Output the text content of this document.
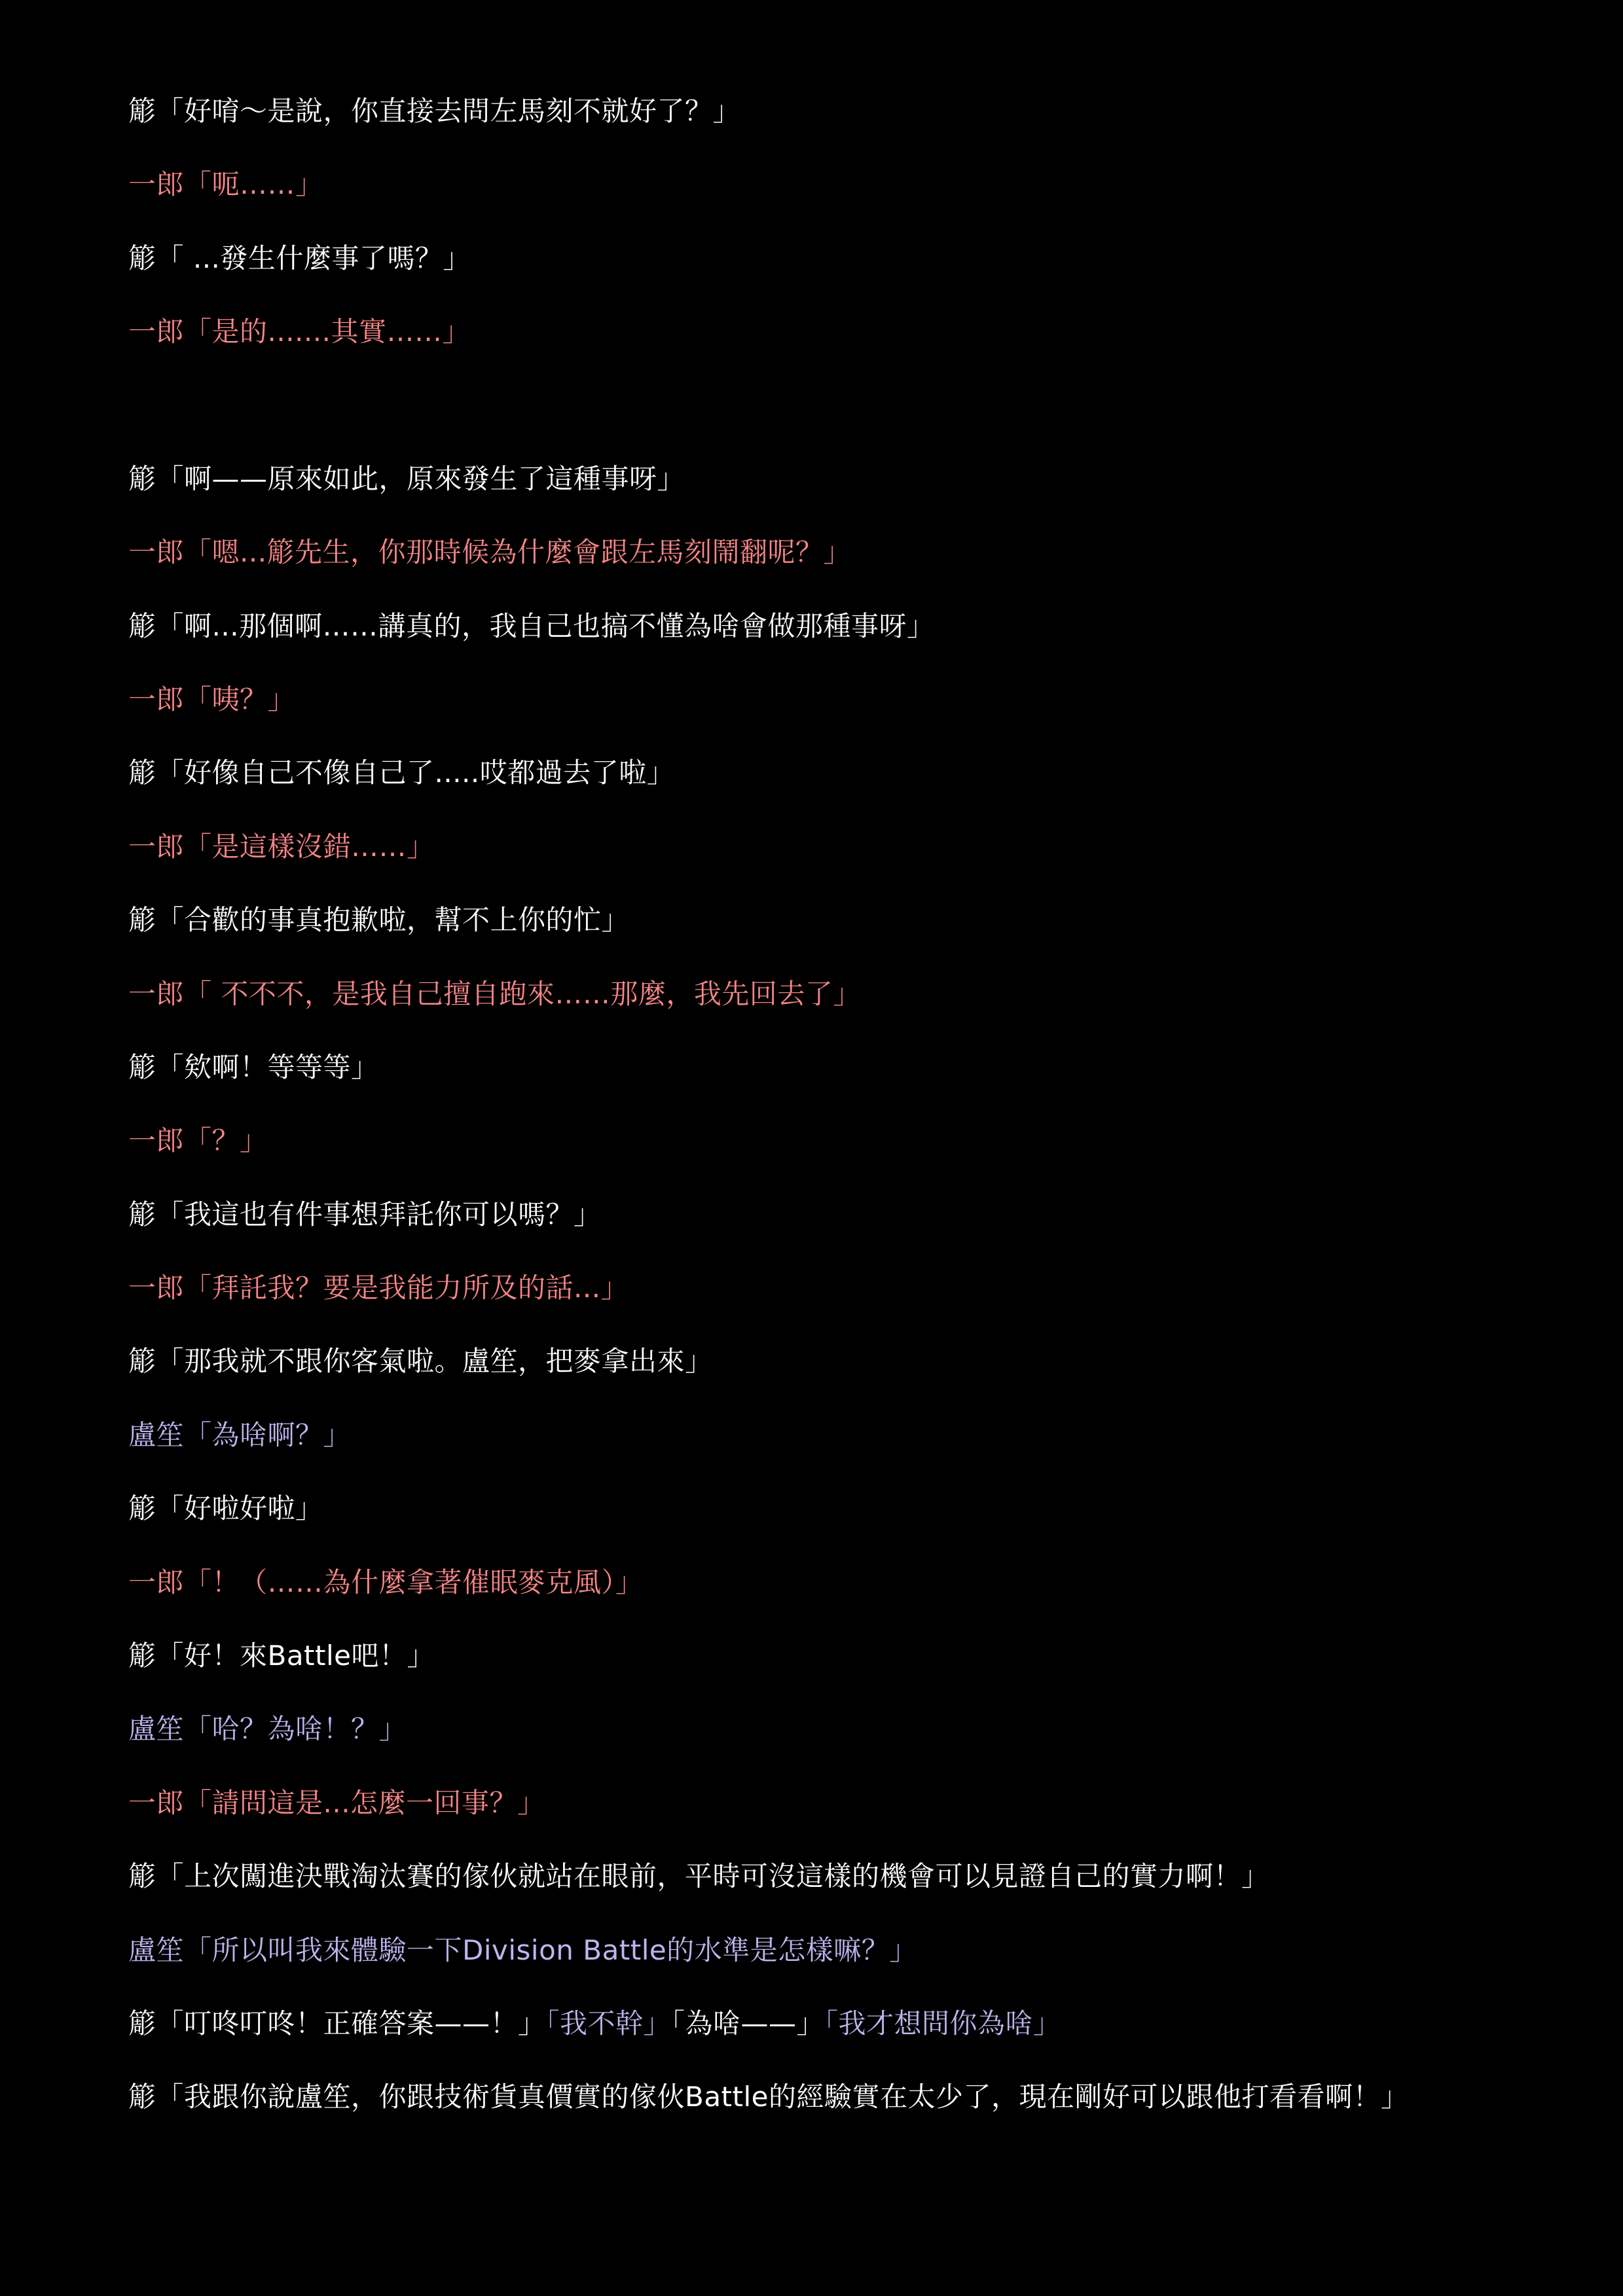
簓「好唷～是說，你直接去問左馬刻不就好了？」
一郎「呃……」
簓「 ...發生什麼事了嗎？」
一郎「是的.......其實……」
簓「啊——原來如此，原來發生了這種事呀」
一郎「嗯...簓先生，你那時候為什麼會跟左馬刻鬧翻呢？」
簓「啊...那個啊……講真的，我自己也搞不懂為啥會做那種事呀」
一郎「咦？」
簓「好像自己不像自己了.....哎都過去了啦」
一郎「是這樣沒錯……」
簓「合歡的事真抱歉啦，幫不上你的忙」
一郎「 不不不，是我自己擅自跑來……那麼，我先回去了」
簓「欸啊！等等等」
一郎「？」
簓「我這也有件事想拜託你可以嗎？」
一郎「拜託我？要是我能力所及的話...」
簓「那我就不跟你客氣啦。盧笙，把麥拿出來」
盧笙「為啥啊？」
簓「好啦好啦」
一郎「！（……為什麼拿著催眠麥克風）」
簓「好！來Battle吧！」
盧笙「哈？為啥！？」
一郎「請問這是...怎麼一回事？」
簓「上次闖進決戰淘汰賽的傢伙就站在眼前，平時可沒這樣的機會可以見證自己的實力啊！」
盧笙「所以叫我來體驗一下Division Battle的水準是怎樣嘛？」
簓「叮咚叮咚！正確答案——！」「我不幹」「為啥——」「我才想問你為啥」
簓「我跟你說盧笙，你跟技術貨真價實的傢伙Battle的經驗實在太少了，現在剛好可以跟他打看看啊！」
